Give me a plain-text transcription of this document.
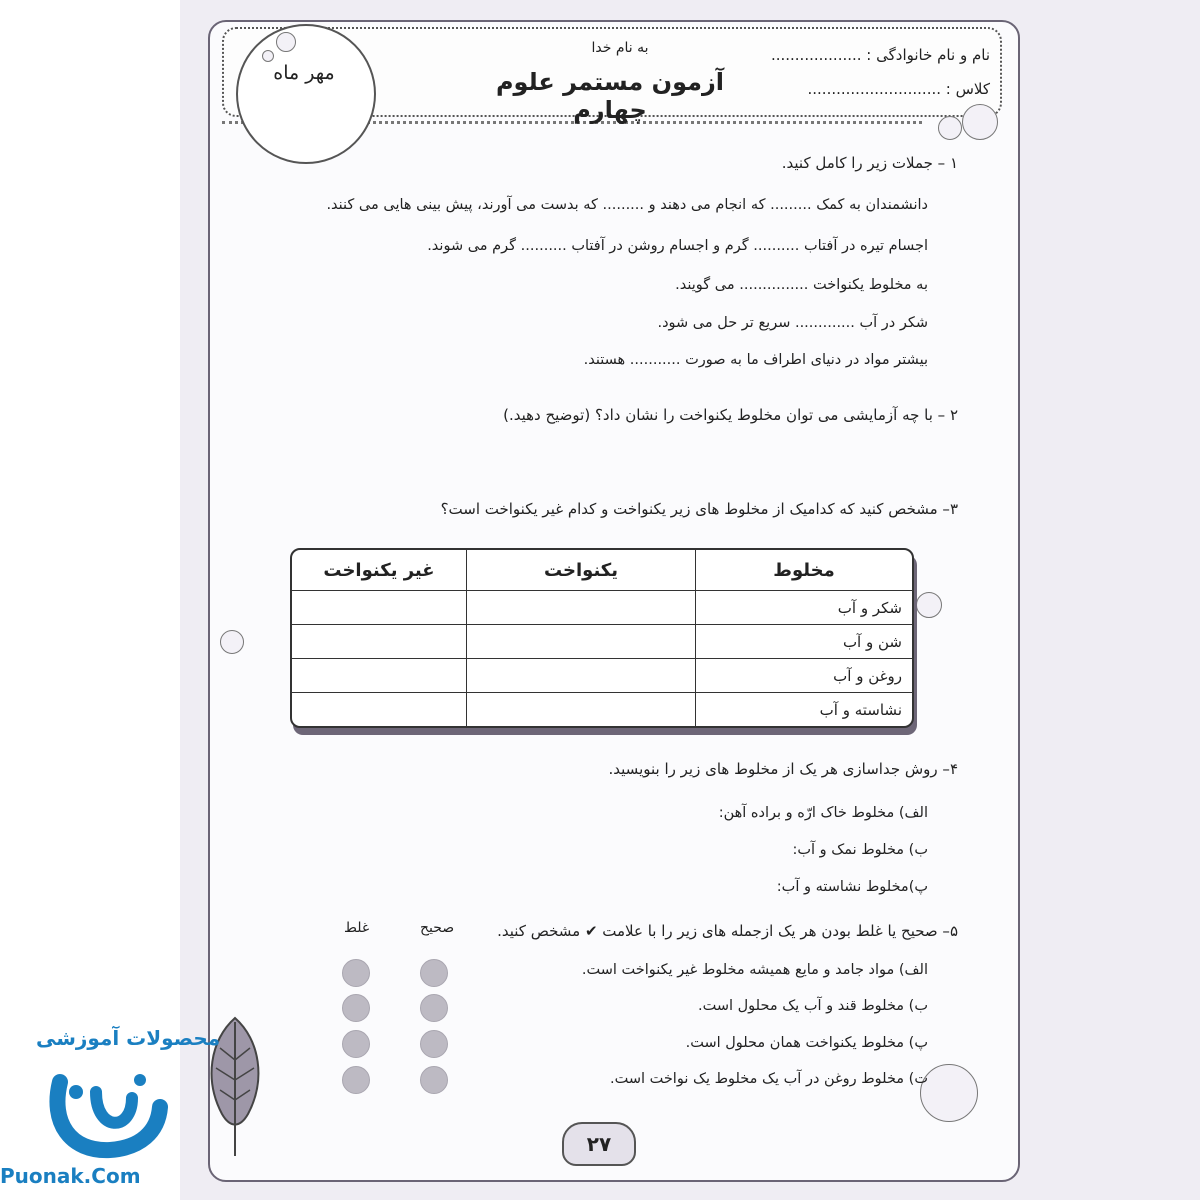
مهر ماه
به نام خدا
آزمون مستمر علوم چهارم
نام و نام خانوادگی : ...................
کلاس : ............................
۱ – جملات زیر را کامل کنید.
دانشمندان به کمک ......... که انجام می دهند و ......... که بدست می آورند، پیش بینی هایی می کنند.
اجسام تیره در آفتاب .......... گرم و اجسام روشن در آفتاب .......... گرم می شوند.
به مخلوط یکنواخت ............... می گویند.
شکر در آب ............. سریع تر حل می شود.
بیشتر مواد در دنیای اطراف ما به صورت ........... هستند.
۲ – با چه آزمایشی می توان مخلوط یکنواخت را نشان داد؟ (توضیح دهید.)
۳– مشخص کنید که کدامیک از مخلوط های زیر یکنواخت و کدام غیر یکنواخت است؟
مخلوط	یکنواخت	غیر یکنواخت
شکر و آب		
شن و آب		
روغن و آب		
نشاسته و آب		
۴– روش جداسازی هر یک از مخلوط های زیر را بنویسید.
الف) مخلوط خاک ارّه و براده آهن:
ب) مخلوط نمک و آب:
پ)مخلوط نشاسته و آب:
۵– صحیح یا غلط بودن هر یک ازجمله های زیر را با علامت ✔ مشخص کنید.
صحیح
غلط
الف) مواد جامد و مایع همیشه مخلوط غیر یکنواخت است.
ب) مخلوط قند و آب یک محلول است.
پ) مخلوط یکنواخت همان محلول است.
ت) مخلوط روغن در آب یک مخلوط یک نواخت است.
۲۷
محصولات آموزشی
Puonak.Com
